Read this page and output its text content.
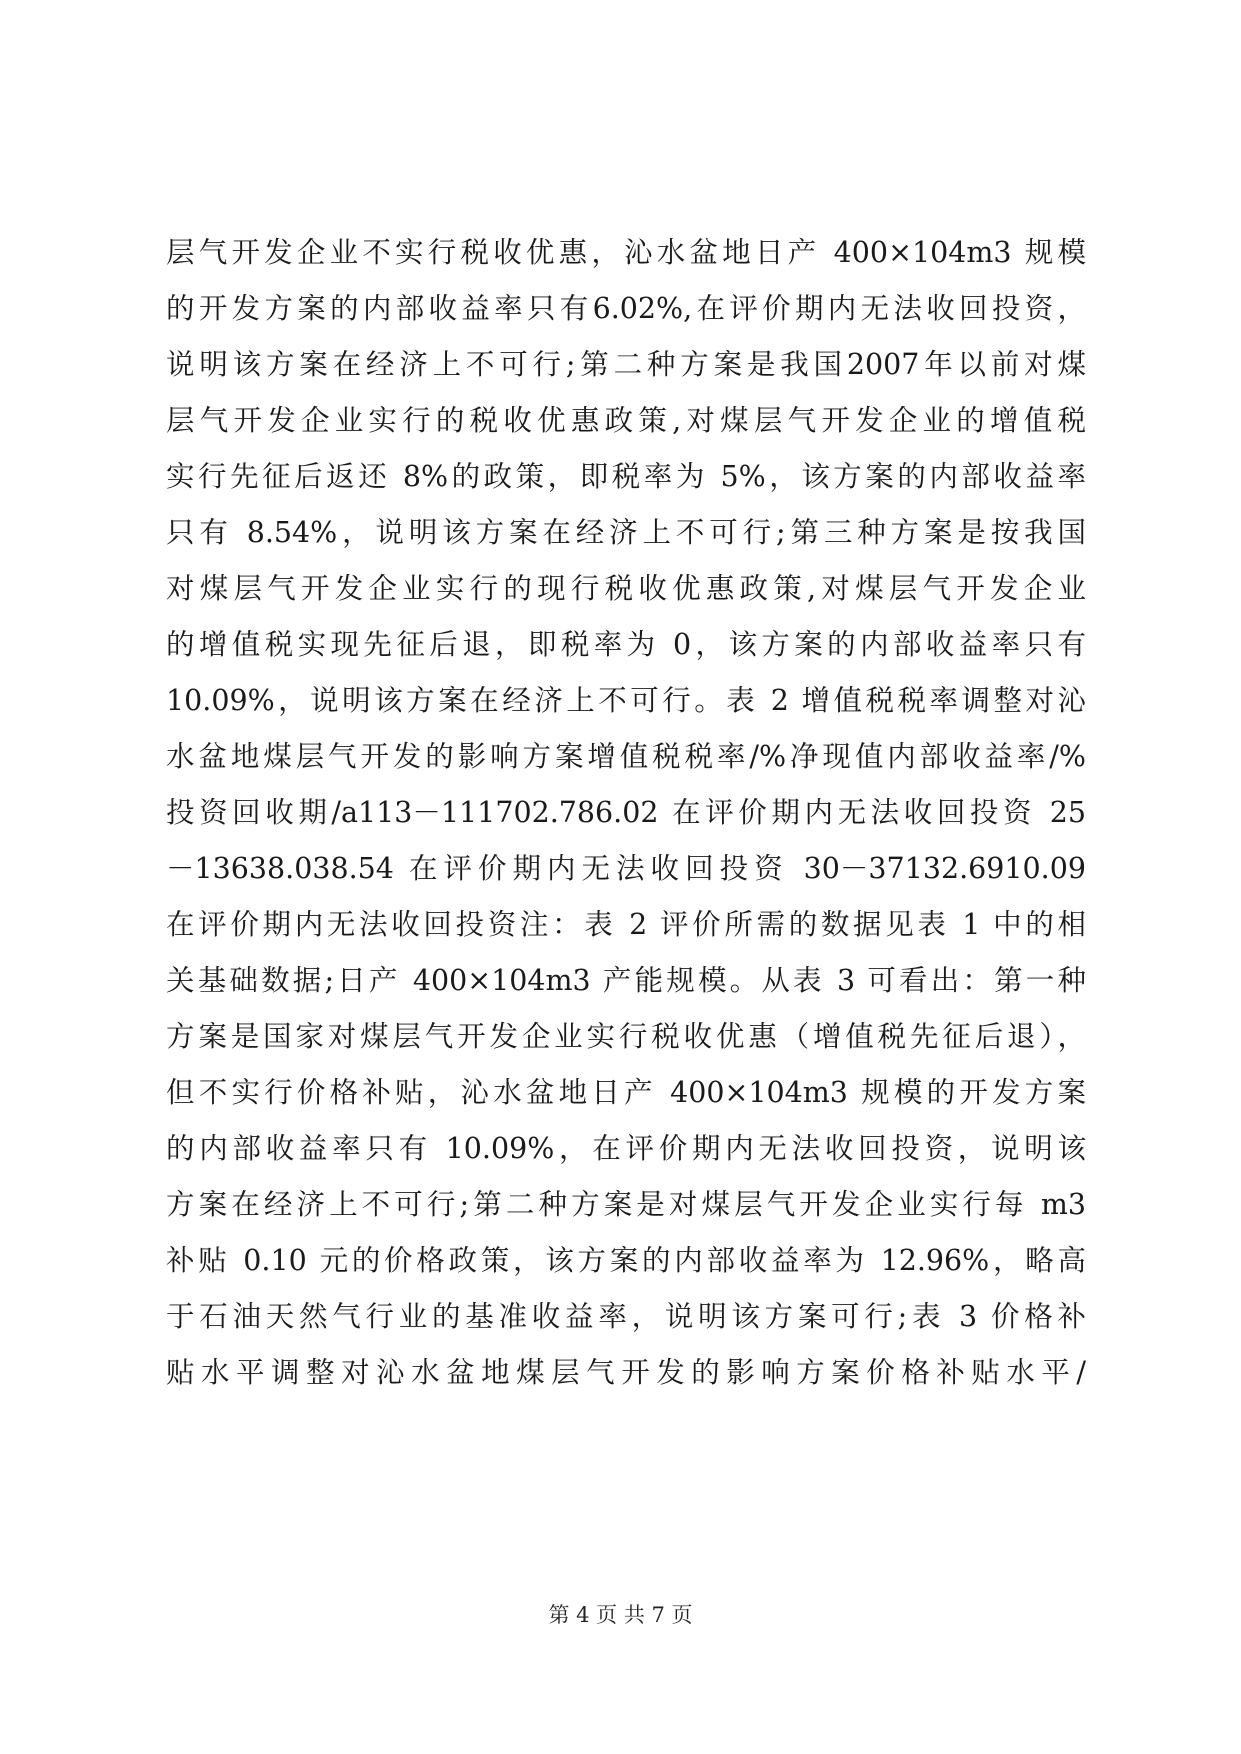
层气开发企业不实行税收优惠，沁水盆地日产 400×104m3 规模
的开发方案的内部收益率只有6.02%,在评价期内无法收回投资，
说明该方案在经济上不可行;第二种方案是我国2007年以前对煤
层气开发企业实行的税收优惠政策,对煤层气开发企业的增值税
实行先征后返还 8%的政策，即税率为 5%，该方案的内部收益率
只有 8.54%，说明该方案在经济上不可行;第三种方案是按我国
对煤层气开发企业实行的现行税收优惠政策,对煤层气开发企业
的增值税实现先征后退，即税率为 0，该方案的内部收益率只有
10.09%，说明该方案在经济上不可行。表 2 增值税税率调整对沁
水盆地煤层气开发的影响方案增值税税率/%净现值内部收益率/%
投资回收期/a113－111702.786.02 在评价期内无法收回投资 25
－13638.038.54 在评价期内无法收回投资 30－37132.6910.09
在评价期内无法收回投资注：表 2 评价所需的数据见表 1 中的相
关基础数据;日产 400×104m3 产能规模。从表 3 可看出：第一种
方案是国家对煤层气开发企业实行税收优惠（增值税先征后退），
但不实行价格补贴，沁水盆地日产 400×104m3 规模的开发方案
的内部收益率只有 10.09%，在评价期内无法收回投资，说明该
方案在经济上不可行;第二种方案是对煤层气开发企业实行每 m3
补贴 0.10 元的价格政策，该方案的内部收益率为 12.96%，略高
于石油天然气行业的基准收益率，说明该方案可行;表 3 价格补
贴水平调整对沁水盆地煤层气开发的影响方案价格补贴水平/
第 4 页 共 7 页
